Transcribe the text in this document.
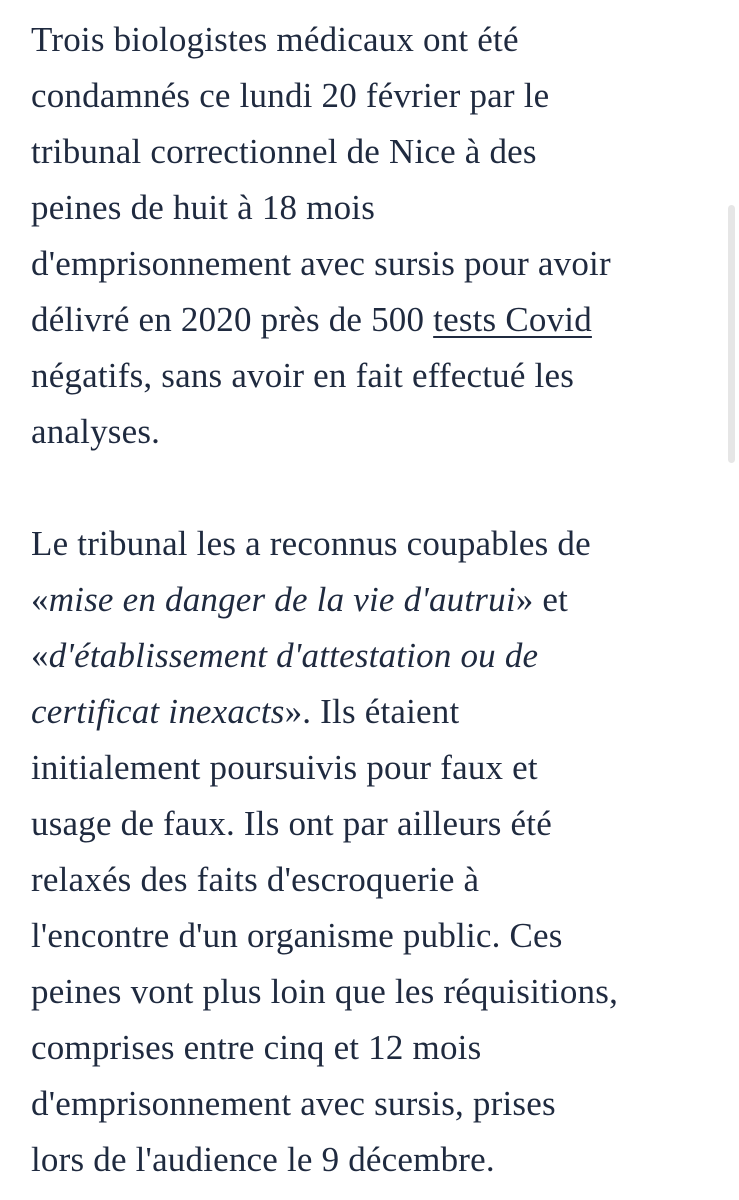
Trois biologistes médicaux ont été
condamnés ce lundi 20 février par le
tribunal correctionnel de Nice à des
peines de huit à 18 mois
d'emprisonnement avec sursis pour avoir
délivré en 2020 près de 500 tests Covid
négatifs, sans avoir en fait effectué les
analyses.

Le tribunal les a reconnus coupables de
«mise en danger de la vie d'autrui» et
«d'établissement d'attestation ou de
certificat inexacts». Ils étaient
initialement poursuivis pour faux et
usage de faux. Ils ont par ailleurs été
relaxés des faits d'escroquerie à
l'encontre d'un organisme public. Ces
peines vont plus loin que les réquisitions,
comprises entre cinq et 12 mois
d'emprisonnement avec sursis, prises
lors de l'audience le 9 décembre.
